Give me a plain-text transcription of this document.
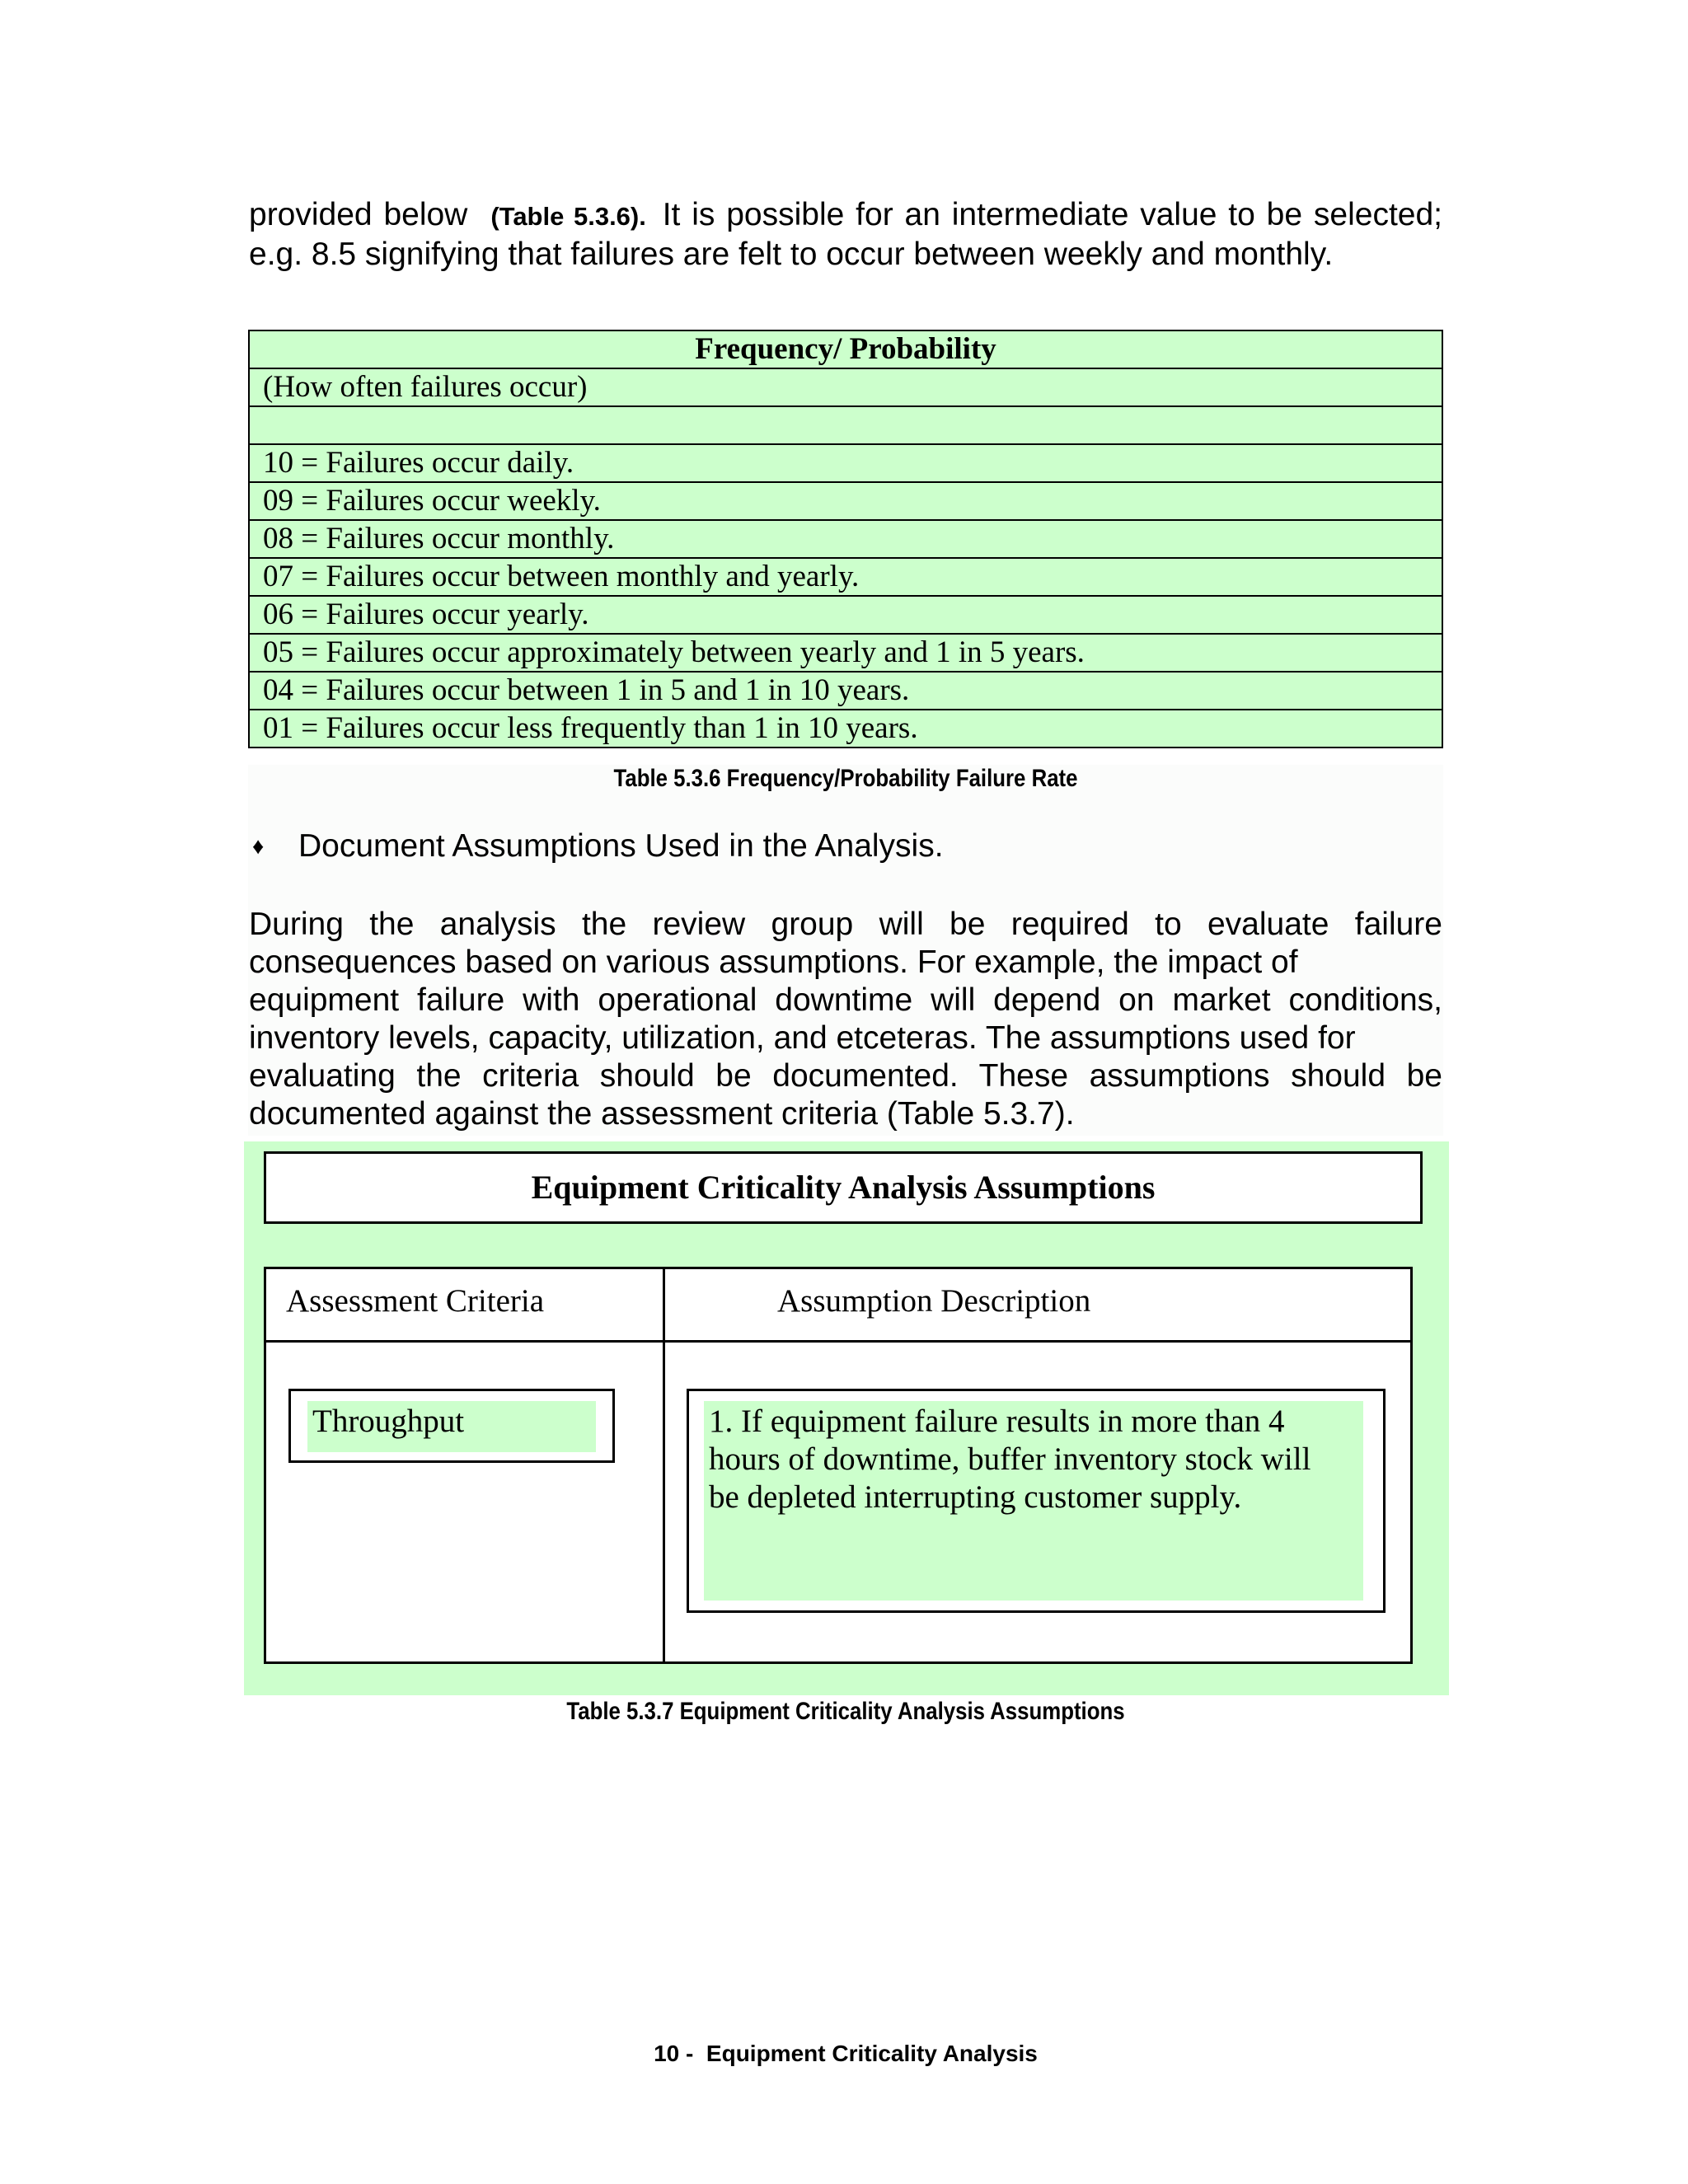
provided below (Table 5.3.6). It is possible for an intermediate value to be selected; e.g. 8.5 signifying that failures are felt to occur between weekly and monthly.
Frequency/ Probability
(How often failures occur)

10 = Failures occur daily.
09 = Failures occur weekly.
08 = Failures occur monthly.
07 = Failures occur between monthly and yearly.
06 = Failures occur yearly.
05 = Failures occur approximately between yearly and 1 in 5 years.
04 = Failures occur between 1 in 5 and 1 in 10 years.
01 = Failures occur less frequently than 1 in 10 years.
Table 5.3.6 Frequency/Probability Failure Rate
♦ Document Assumptions Used in the Analysis.
During the analysis the review group will be required to evaluate failure
consequences based on various assumptions. For example, the impact of
equipment failure with operational downtime will depend on market conditions,
inventory levels, capacity, utilization, and etceteras. The assumptions used for
evaluating the criteria should be documented. These assumptions should be
documented against the assessment criteria (Table 5.3.7).
Equipment Criticality Analysis Assumptions
Assessment Criteria	Assumption Description
Throughput	1. If equipment failure results in more than 4
hours of downtime, buffer inventory stock will
be depleted interrupting customer supply.
Table 5.3.7 Equipment Criticality Analysis Assumptions
10 -  Equipment Criticality Analysis
